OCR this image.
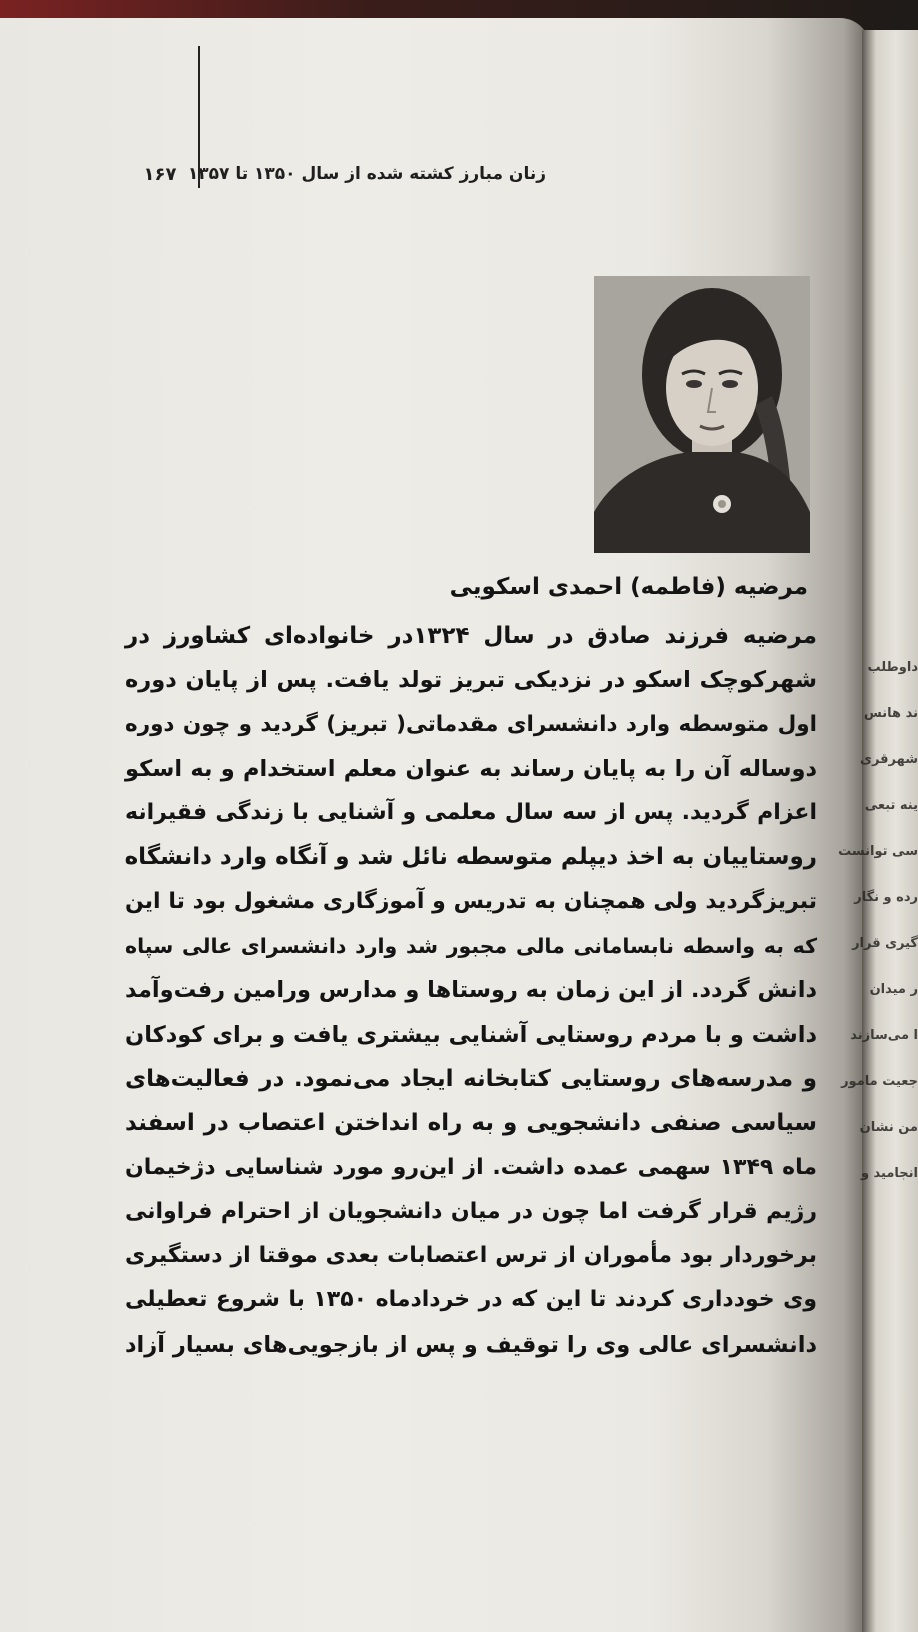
داوطلب
ند هانس
شهرقری
ینه تبعی
سی توانست
رده و نگار
گیری قرار
ر میدان
ا می‌سازند
جعیت مامور
من نشان
انجامید و
زنان مبارز کشته شده از سال ۱۳۵۰ تا ۱۳۵۷
۱۶۷
مرضیه (فاطمه) احمدی اسکویی
مرضیه فرزند صادق در سال ۱۳۲۴در خانواده‌ای کشاورز در
شهرکوچک اسکو در نزدیکی تبریز تولد یافت. پس از پایان دوره
اول متوسطه وارد دانشسرای مقدماتی( تبریز) گردید و چون دوره
دوساله آن را به پایان رساند به عنوان معلم استخدام و به اسکو
اعزام گردید. پس از سه سال معلمی و آشنایی با زندگی فقیرانه
روستاییان به اخذ دیپلم متوسطه نائل شد و آنگاه وارد دانشگاه
تبریزگردید ولی همچنان به تدریس و آموزگاری مشغول بود تا این
که به واسطه نابسامانی مالی مجبور شد وارد دانشسرای عالی سپاه
دانش گردد. از این زمان به روستاها و مدارس ورامین رفت‌وآمد
داشت و با مردم روستایی آشنایی بیشتری یافت و برای کودکان
و مدرسه‌های روستایی کتابخانه ایجاد می‌نمود. در فعالیت‌های
سیاسی صنفی دانشجویی و به راه انداختن اعتصاب در اسفند
ماه ۱۳۴۹ سهمی عمده داشت. از این‌رو مورد شناسایی دژخیمان
رژیم قرار گرفت اما چون در میان دانشجویان از احترام فراوانی
برخوردار بود مأموران از ترس اعتصابات بعدی موقتا از دستگیری
وی خودداری کردند تا این که در خردادماه ۱۳۵۰ با شروع تعطیلی
دانشسرای عالی وی را توقیف و پس از بازجویی‌های بسیار آزاد
